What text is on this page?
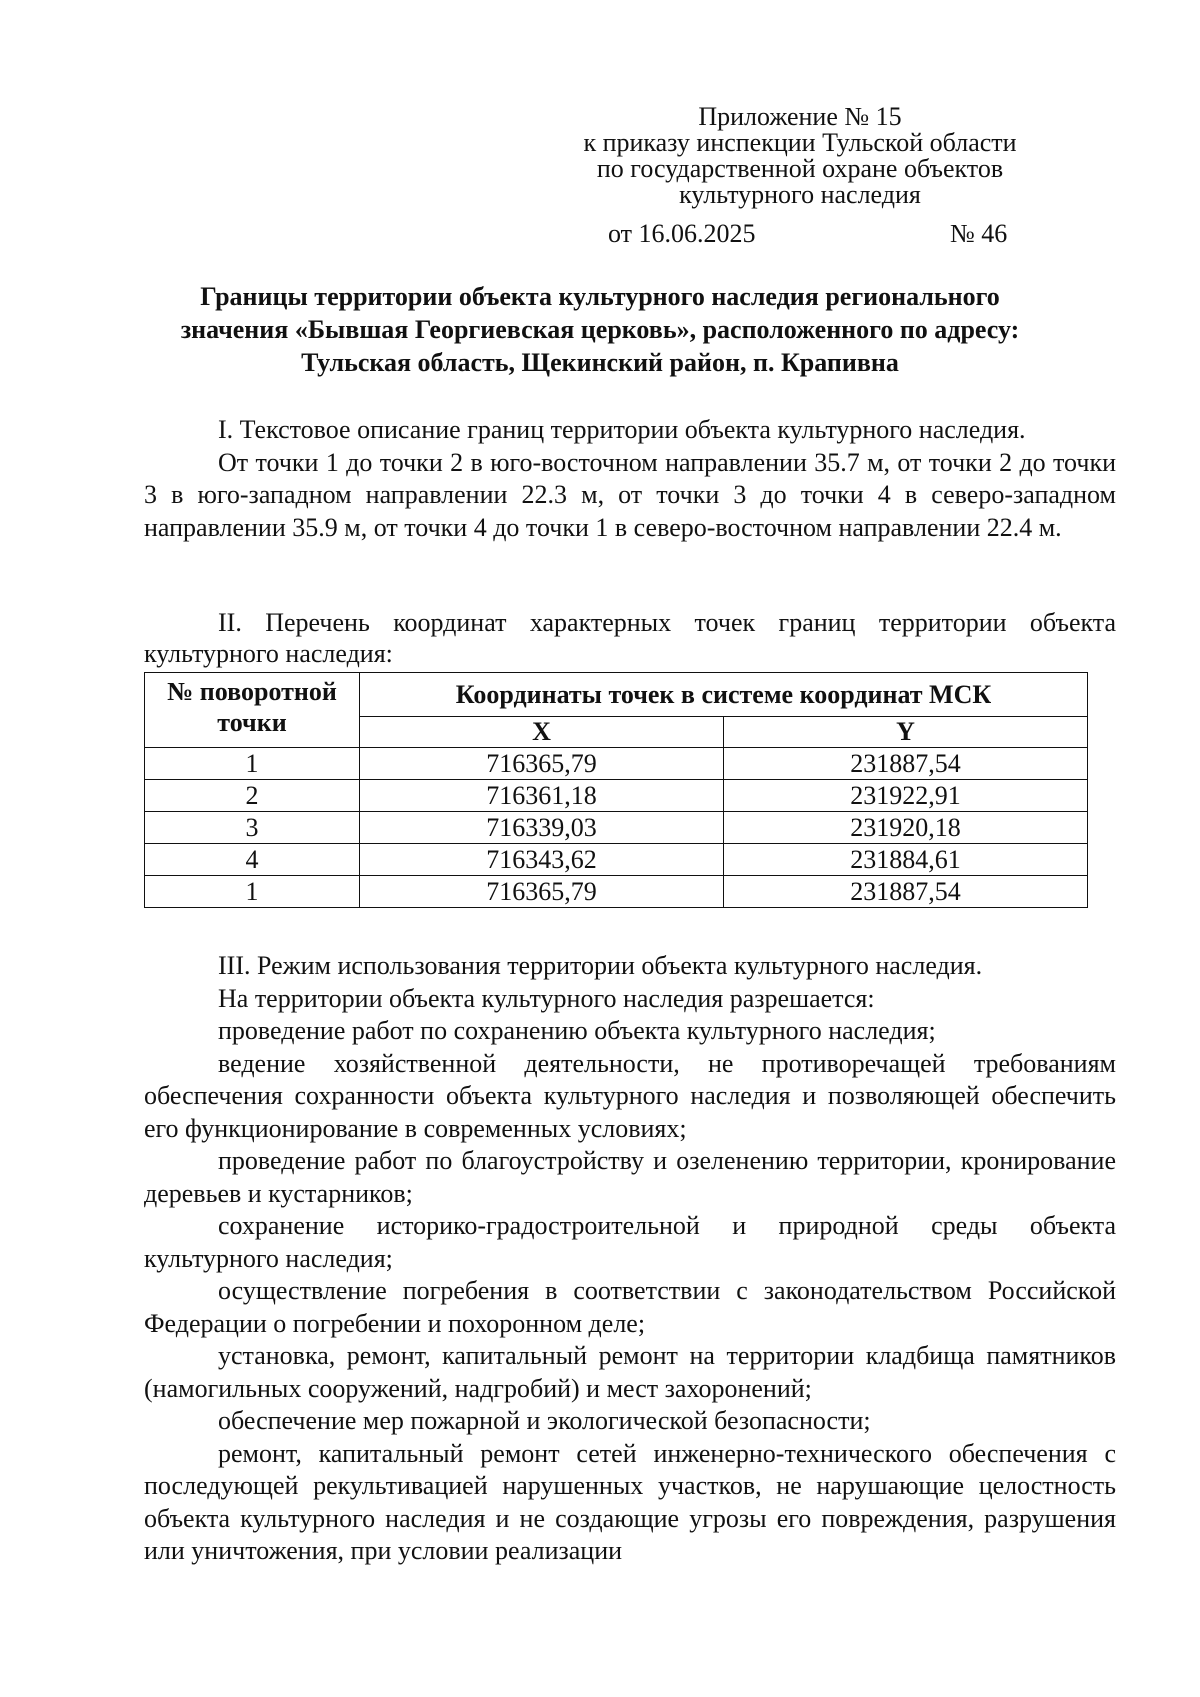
Приложение № 15
к приказу инспекции Тульской области
по государственной охране объектов
культурного наследия
от 16.06.2025	№ 46
Границы территории объекта культурного наследия регионального
значения «Бывшая Георгиевская церковь», расположенного по адресу:
Тульская область, Щекинский район, п. Крапивна
I. Текстовое описание границ территории объекта культурного наследия.
От точки 1 до точки 2 в юго-восточном направлении 35.7 м, от точки 2 до точки 3 в юго-западном направлении 22.3 м, от точки 3 до точки 4 в северо-западном направлении 35.9 м, от точки 4 до точки 1 в северо-восточном направлении 22.4 м.
II. Перечень координат характерных точек границ территории объекта культурного наследия:
№ поворотной точки	Координаты точек в системе координат МСК	
	X	Y
1	716365,79	231887,54
2	716361,18	231922,91
3	716339,03	231920,18
4	716343,62	231884,61
1	716365,79	231887,54
III. Режим использования территории объекта культурного наследия.
На территории объекта культурного наследия разрешается:
проведение работ по сохранению объекта культурного наследия;
ведение хозяйственной деятельности, не противоречащей требованиям обеспечения сохранности объекта культурного наследия и позволяющей обеспечить его функционирование в современных условиях;
проведение работ по благоустройству и озеленению территории, кронирование деревьев и кустарников;
сохранение историко-градостроительной и природной среды объекта культурного наследия;
осуществление погребения в соответствии с законодательством Российской Федерации о погребении и похоронном деле;
установка, ремонт, капитальный ремонт на территории кладбища памятников (намогильных сооружений, надгробий) и мест захоронений;
обеспечение мер пожарной и экологической безопасности;
ремонт, капитальный ремонт сетей инженерно-технического обеспечения с последующей рекультивацией нарушенных участков, не нарушающие целостность объекта культурного наследия и не создающие угрозы его повреждения, разрушения или уничтожения, при условии реализации
